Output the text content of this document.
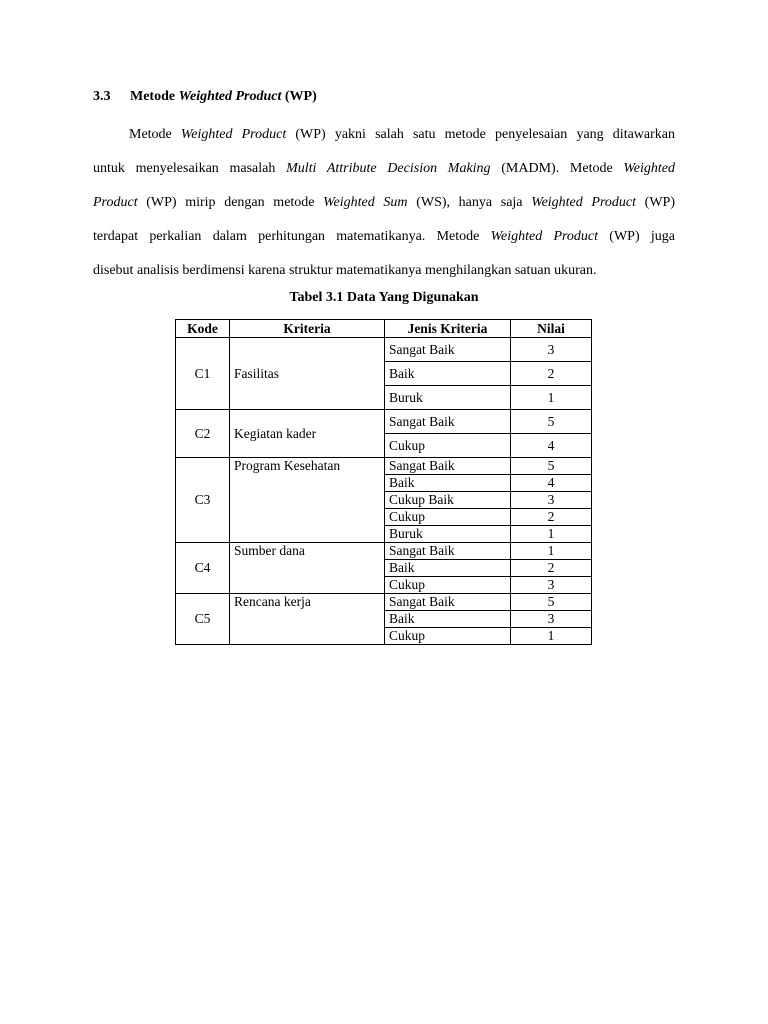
3.3 Metode Weighted Product (WP)
Metode Weighted Product (WP) yakni salah satu metode penyelesaian yang ditawarkan
untuk menyelesaikan masalah Multi Attribute Decision Making (MADM). Metode Weighted
Product (WP) mirip dengan metode Weighted Sum (WS), hanya saja Weighted Product (WP)
terdapat perkalian dalam perhitungan matematikanya. Metode Weighted Product (WP) juga
disebut analisis berdimensi karena struktur matematikanya menghilangkan satuan ukuran.
Tabel 3.1 Data Yang Digunakan
Kode	Kriteria	Jenis Kriteria	Nilai
C1	Fasilitas	Sangat Baik	3
		Baik	2
		Buruk	1
C2	Kegiatan kader	Sangat Baik	5
		Cukup	4
C3	Program Kesehatan	Sangat Baik	5
		Baik	4
		Cukup Baik	3
		Cukup	2
		Buruk	1
C4	Sumber dana	Sangat Baik	1
		Baik	2
		Cukup	3
C5	Rencana kerja	Sangat Baik	5
		Baik	3
		Cukup	1
